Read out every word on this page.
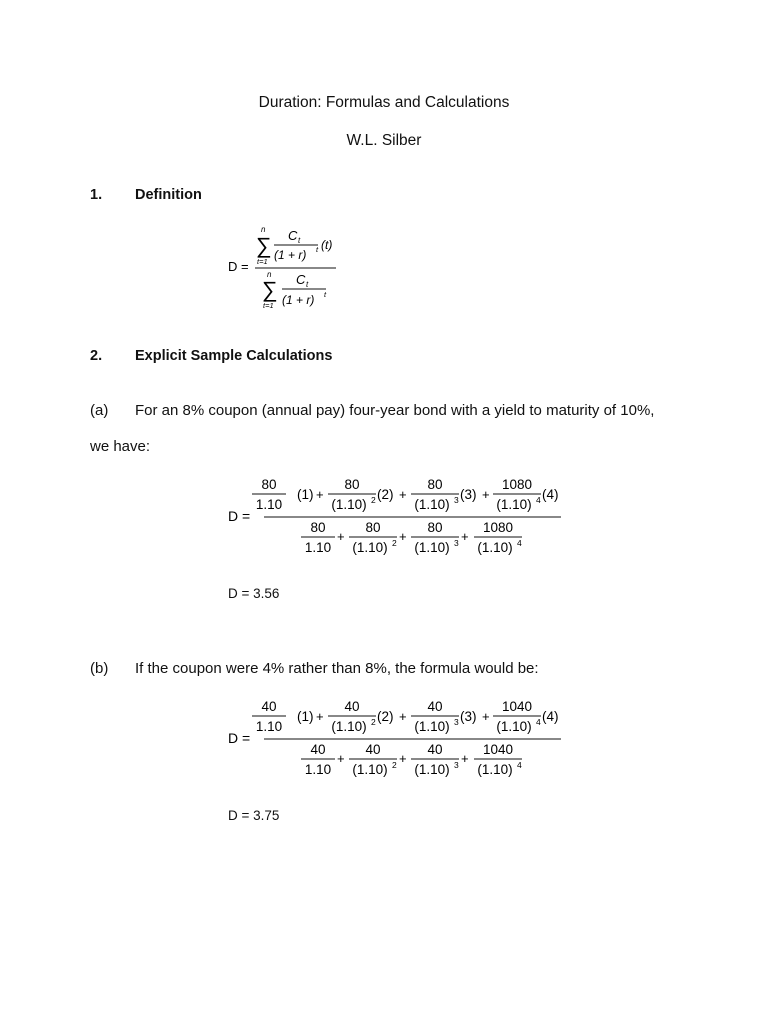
Duration: Formulas and Calculations
W.L. Silber
1. Definition
D =
n
∑
t=1
C t
(1 + r) t (t)
n
∑
t=1
C t
(1 + r) t
2. Explicit Sample Calculations
(a) For an 8% coupon (annual pay) four-year bond with a yield to maturity of 10%,
we have:
D =
80
1.10
(1) +
80
(1.10) 2 (2) +
80
(1.10) 3 (3) +
1080
(1.10) 4 (4)
80
1.10
+
80
(1.10) 2 +
80
(1.10) 3 +
1080
(1.10) 4
D = 3.56
(b) If the coupon were 4% rather than 8%, the formula would be:
D =
40
1.10
(1) +
40
(1.10) 2 (2) +
40
(1.10) 3 (3) +
1040
(1.10) 4 (4)
40
1.10
+
40
(1.10) 2 +
40
(1.10) 3 +
1040
(1.10) 4
D = 3.75
